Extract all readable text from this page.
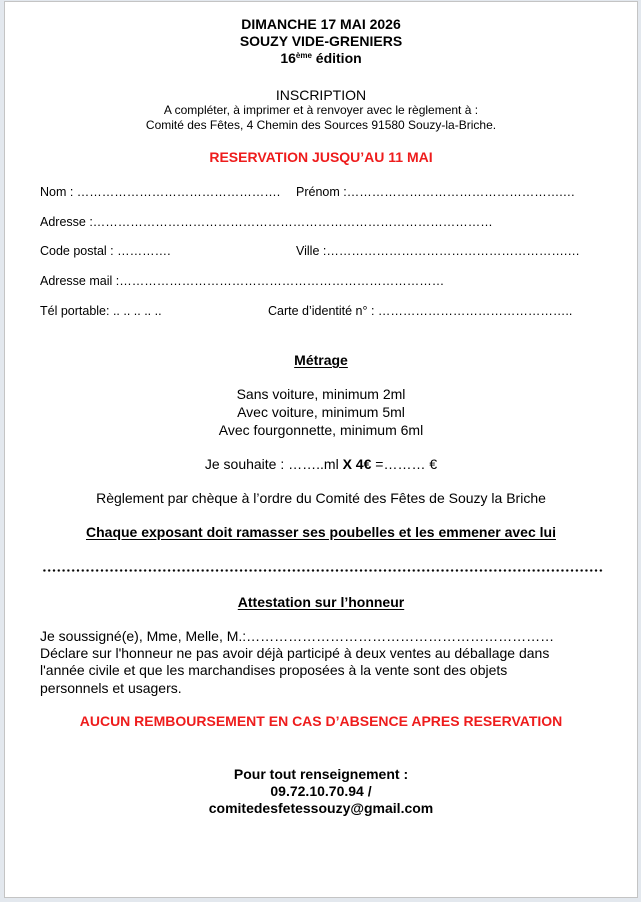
DIMANCHE 17 MAI 2026
SOUZY VIDE-GRENIERS
16ème édition
INSCRIPTION
A compléter, à imprimer et à renvoyer avec le règlement à :
Comité des Fêtes, 4 Chemin des Sources 91580 Souzy-la-Briche.
RESERVATION JUSQU’AU 11 MAI
Nom : …………………………………………. Prénom :…………………………………………….…
Adresse :……………………………………………………………………………………
Code postal : ………….	Ville :………………………………………………….…
Adresse mail :……………………………………………………………………
Tél portable: .. .. .. .. ..	Carte d’identité n° : ………………………………………..
Métrage
Sans voiture, minimum 2ml
Avec voiture, minimum 5ml
Avec fourgonnette, minimum 6ml
Je souhaite : ……..ml X 4€ =……… €
Règlement par chèque à l’ordre du Comité des Fêtes de Souzy la Briche
Chaque exposant doit ramasser ses poubelles et les emmener avec lui
Attestation sur l’honneur
Je soussigné(e), Mme, Melle, M.:…………………………………………………………
Déclare sur l'honneur ne pas avoir déjà participé à deux ventes au déballage dans
l'année civile et que les marchandises proposées à la vente sont des objets
personnels et usagers.
AUCUN REMBOURSEMENT EN CAS D’ABSENCE APRES RESERVATION
Pour tout renseignement :
09.72.10.70.94 /
comitedesfetessouzy@gmail.com
